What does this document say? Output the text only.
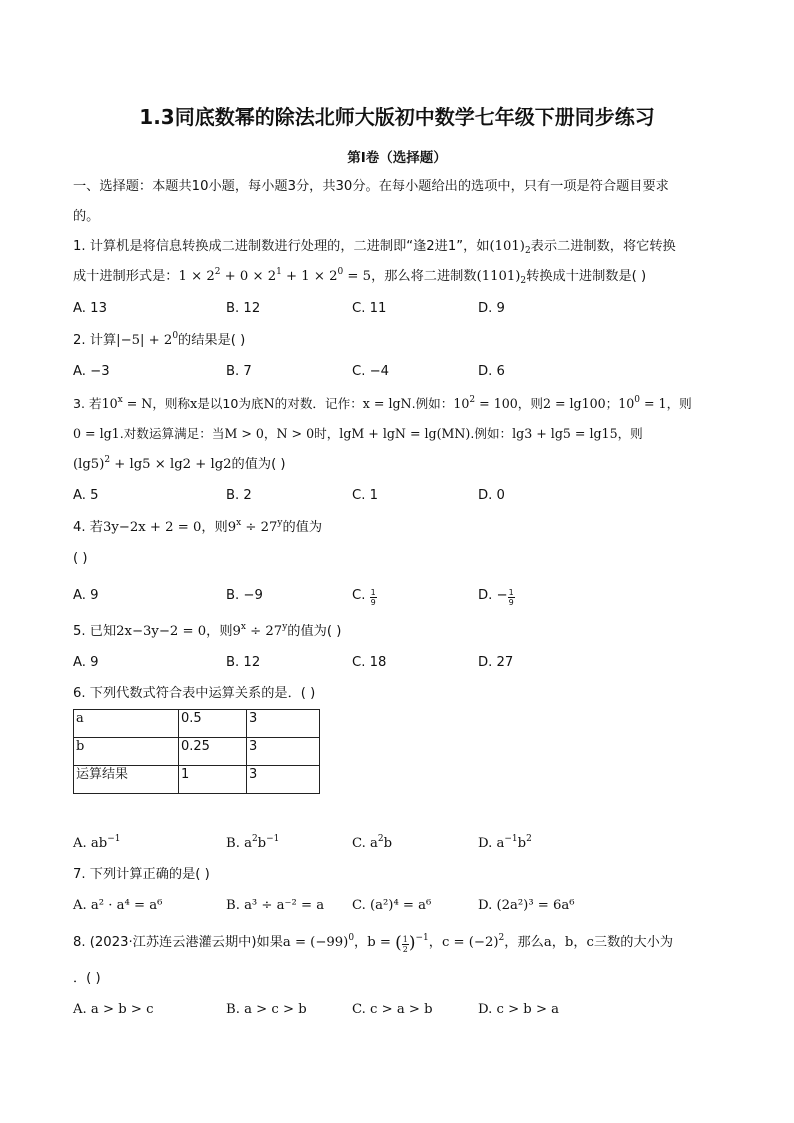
1.3同底数幂的除法北师大版初中数学七年级下册同步练习
第I卷（选择题）
一、选择题：本题共10小题，每小题3分，共30分。在每小题给出的选项中，只有一项是符合题目要求
的。
1. 计算机是将信息转换成二进制数进行处理的，二进制即“逢2进1”，如$(101)_2$表示二进制数，将它转换
成十进制形式是：$1 \times 2^2 + 0 \times 2^1 + 1 \times 2^0 = 5$，那么将二进制数$(1101)_2$转换成十进制数是( )
A. 13	B. 12	C. 11	D. 9
2. 计算$|-5| + 2^0$的结果是( )
A. −3	B. 7	C. −4	D. 6
3. 若$10^x = N$，则称x是以10为底N的对数．记作：x = lgN.例如：$10^2 = 100$，则2 = lg100；$10^0 = 1$，则
0 = lg1.对数运算满足：当M > 0，N > 0时，lgM + lgN = lg(MN).例如：lg3 + lg5 = lg15，则
$(\lg 5)^2 + \lg 5 \times \lg 2 + \lg 2$的值为( )
A. 5	B. 2	C. 1	D. 0
4. 若3y−2x + 2 = 0，则$9^x \div 27^y$的值为
( )
A. 9	B. −9	C. $\frac{1}{9}$	D. − $\frac{1}{9}$
5. 已知2x−3y−2 = 0，则$9^x \div 27^y$的值为( )
A. 9	B. 12	C. 18	D. 27
6. 下列代数式符合表中运算关系的是．( )
a	0.5	3
b	0.25	3
运算结果	1	3
A. $ab^{-1}$	B. $a^2b^{-1}$	C. $a^2b$	D. $a^{-1}b^2$
7. 下列计算正确的是( )
A. a² · a⁴ = a⁶	B. a³ ÷ a⁻² = a C. (a²)⁴ = a⁶	D. (2a²)³ = 6a⁶
8. (2023·江苏连云港灌云期中)如果$a = (-99)^0$，b = ( $\frac{1}{2} )^{-1}$，$c = (-2)^2$，那么a，b，c三数的大小为
．( )
A. a > b > c	B. a > c > b	C. c > a > b	D. c > b > a
